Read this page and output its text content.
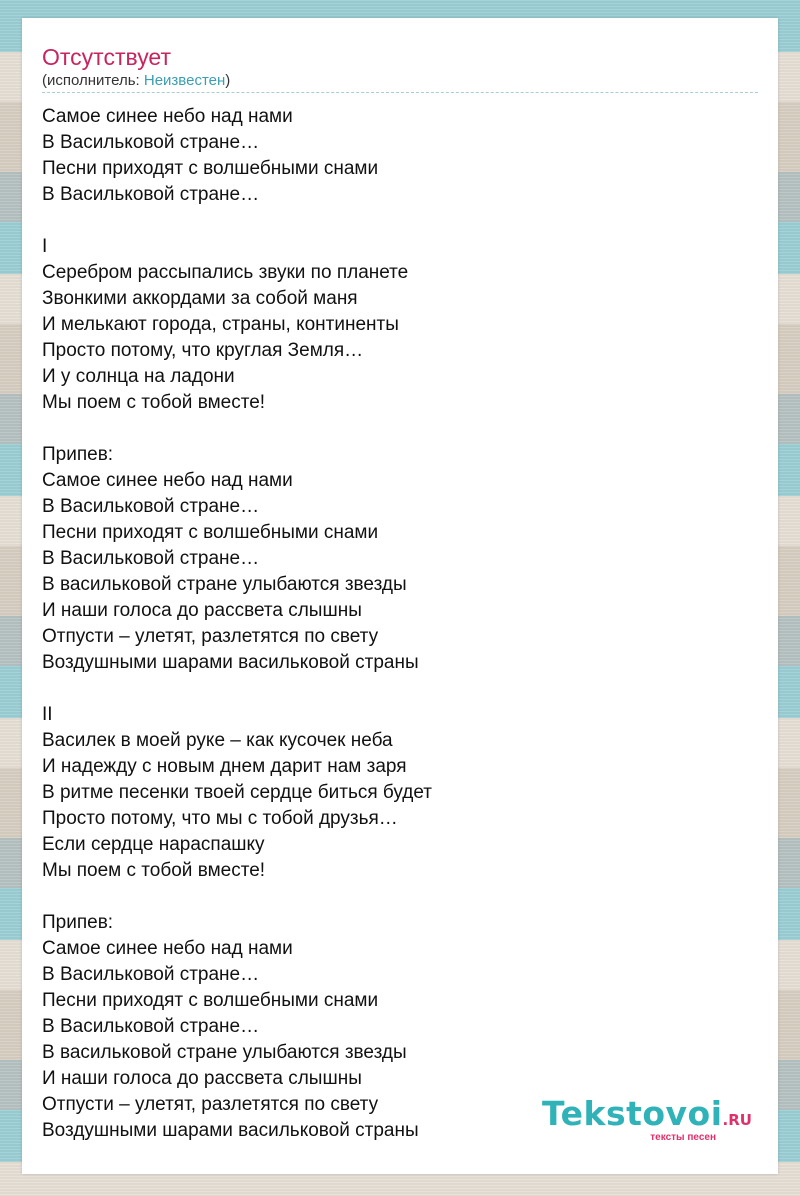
Отсутствует
(исполнитель: Неизвестен)
Самое синее небо над нами
В Васильковой стране…
Песни приходят с волшебными снами
В Васильковой стране…
I
Серебром рассыпались звуки по планете
Звонкими аккордами за собой маня
И мелькают города, страны, континенты
Просто потому, что круглая Земля…
И у солнца на ладони
Мы поем с тобой вместе!
Припев:
Самое синее небо над нами
В Васильковой стране…
Песни приходят с волшебными снами
В Васильковой стране…
В васильковой стране улыбаются звезды
И наши голоса до рассвета слышны
Отпусти – улетят, разлетятся по свету
Воздушными шарами васильковой страны
II
Василек в моей руке – как кусочек неба
И надежду с новым днем дарит нам заря
В ритме песенки твоей сердце биться будет
Просто потому, что мы с тобой друзья…
Если сердце нараспашку
Мы поем с тобой вместе!
Припев:
Самое синее небо над нами
В Васильковой стране…
Песни приходят с волшебными снами
В Васильковой стране…
В васильковой стране улыбаются звезды
И наши голоса до рассвета слышны
Отпусти – улетят, разлетятся по свету
Воздушными шарами васильковой страны	Tekstovoi.RU
тексты песен
